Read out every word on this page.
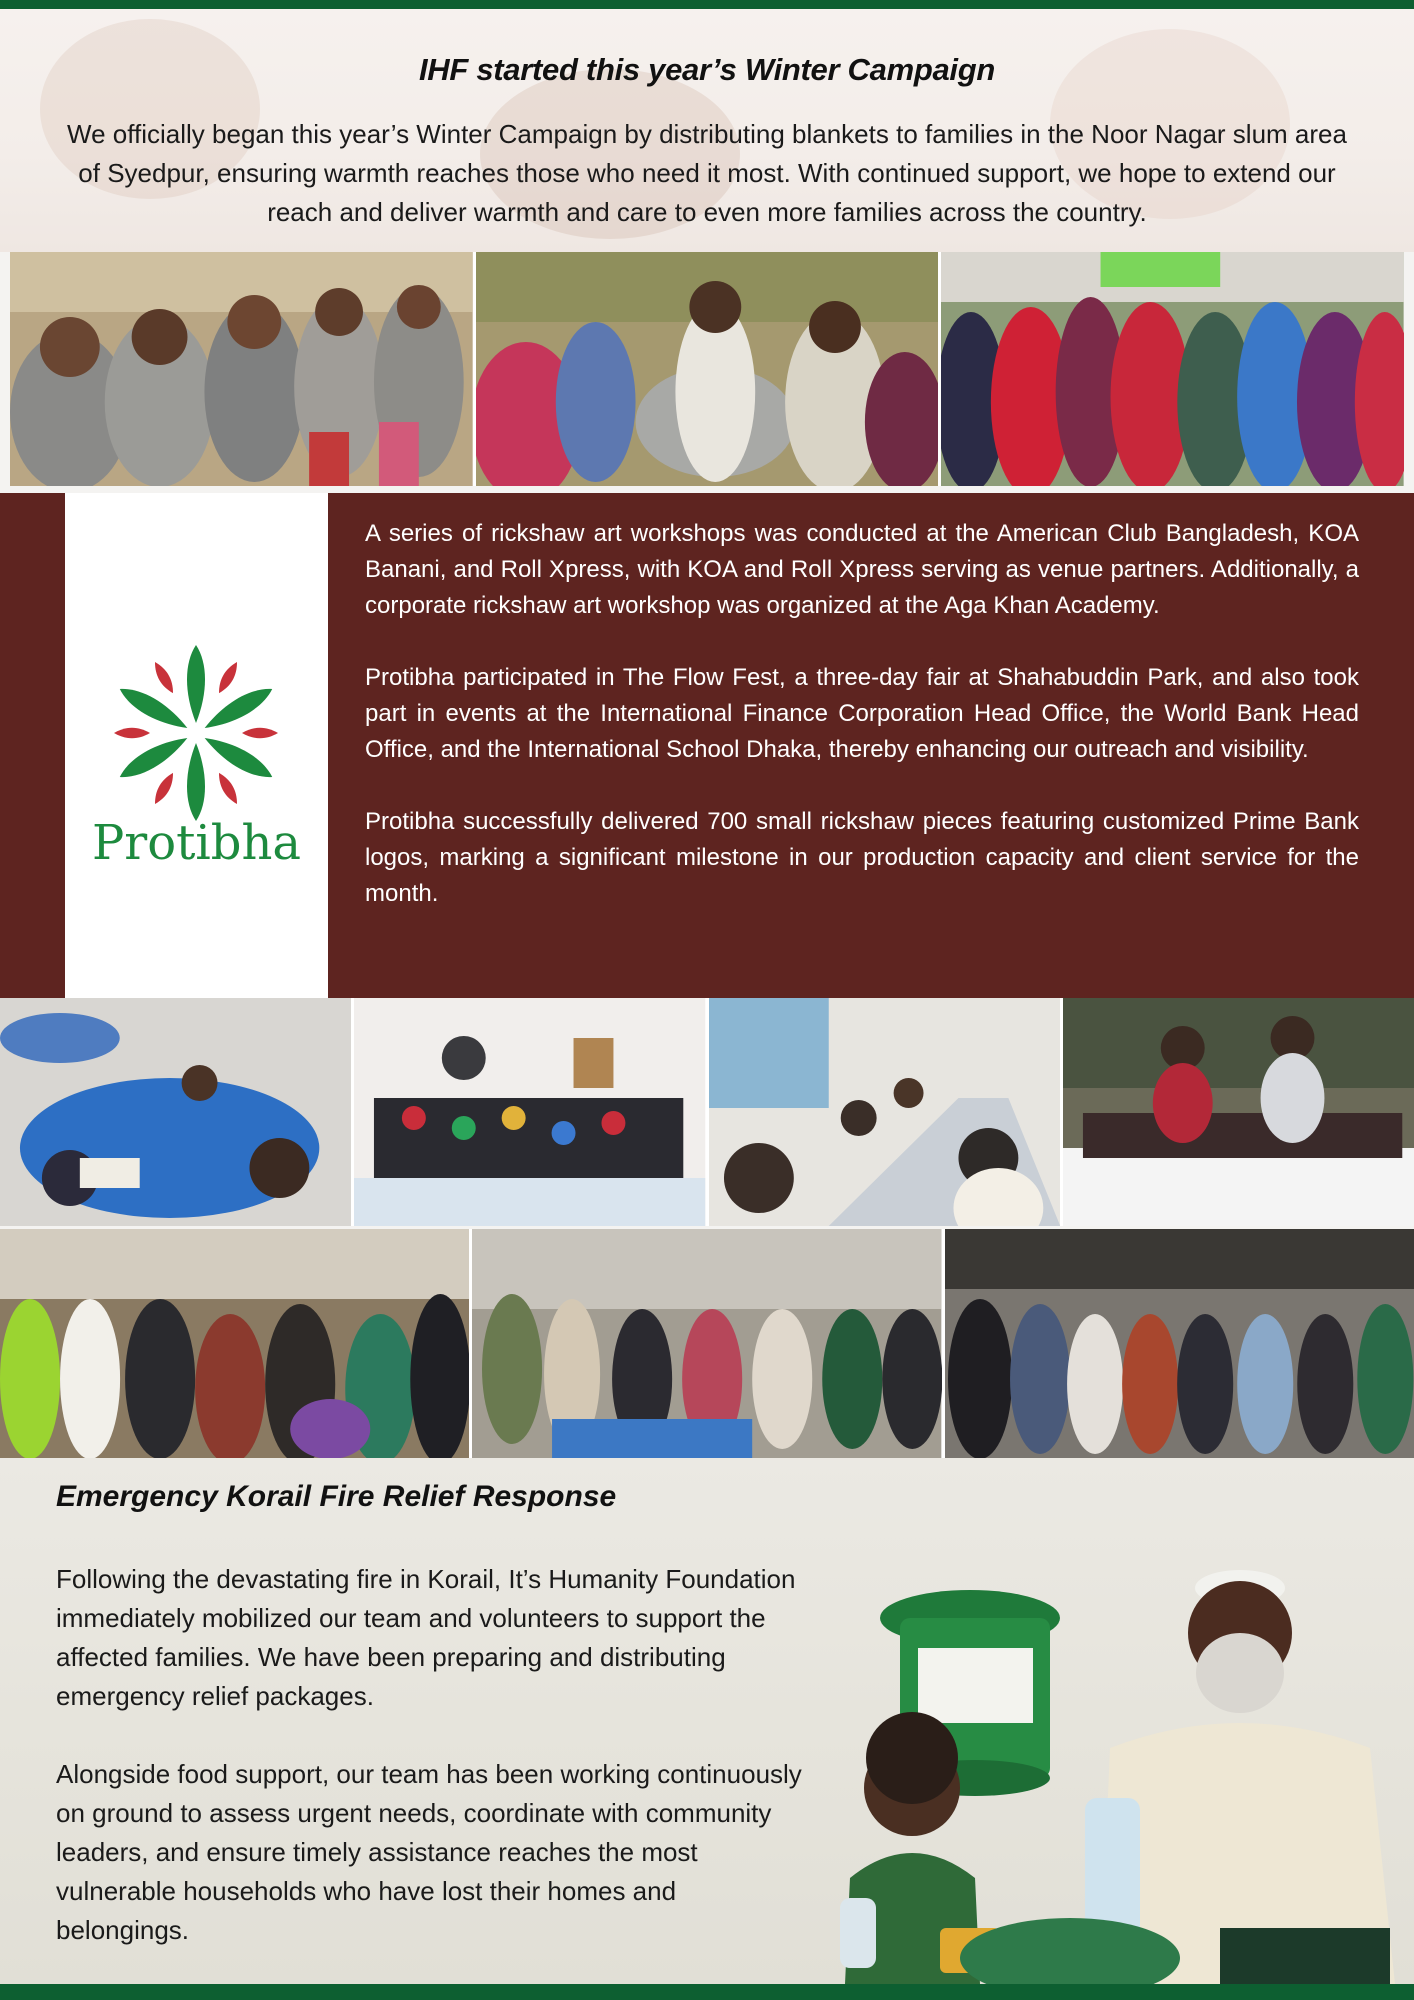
IHF started this year’s Winter Campaign

We officially began this year’s Winter Campaign by distributing blankets to families in the Noor Nagar slum area of Syedpur, ensuring warmth reaches those who need it most. With continued support, we hope to extend our reach and deliver warmth and care to even more families across the country.

Protibha

A series of rickshaw art workshops was conducted at the American Club Bangladesh, KOA Banani, and Roll Xpress, with KOA and Roll Xpress serving as venue partners. Additionally, a corporate rickshaw art workshop was organized at the Aga Khan Academy.

Protibha participated in The Flow Fest, a three-day fair at Shahabuddin Park, and also took part in events at the International Finance Corporation Head Office, the World Bank Head Office, and the International School Dhaka, thereby enhancing our outreach and visibility.

Protibha successfully delivered 700 small rickshaw pieces featuring customized Prime Bank logos, marking a significant milestone in our production capacity and client service for the month.

Emergency Korail Fire Relief Response

Following the devastating fire in Korail, It’s Humanity Foundation immediately mobilized our team and volunteers to support the affected families. We have been preparing and distributing emergency relief packages.

Alongside food support, our team has been working continuously on ground to assess urgent needs, coordinate with community leaders, and ensure timely assistance reaches the most vulnerable households who have lost their homes and belongings.
